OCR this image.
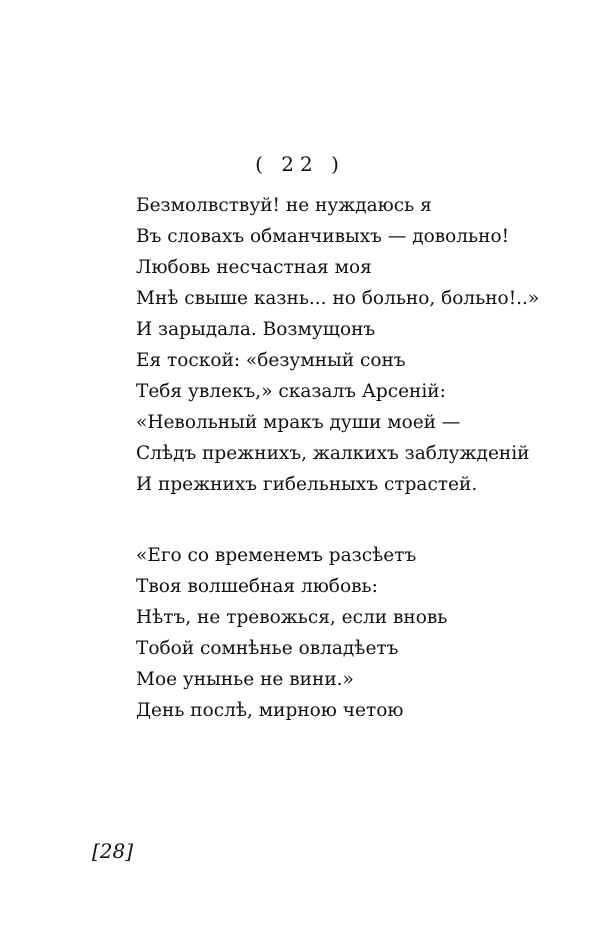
( 22 )
Безмолвствуй! не нуждаюсь я
Въ словахъ обманчивыхъ — довольно!
Любовь несчастная моя
Мнѣ свыше казнь... но больно, больно!..»
И зарыдала. Возмущонъ
Ея тоской: «безумный сонъ
Тебя увлекъ,» сказалъ Арсеній:
«Невольный мракъ души моей —
Слѣдъ прежнихъ, жалкихъ заблужденій
И прежнихъ гибельныхъ страстей.
«Его со временемъ разсѣетъ
Твоя волшебная любовь:
Нѣтъ, не тревожься, если вновь
Тобой сомнѣнье овладѣетъ
Мое унынье не вини.»
День послѣ, мирною четою
[28]
